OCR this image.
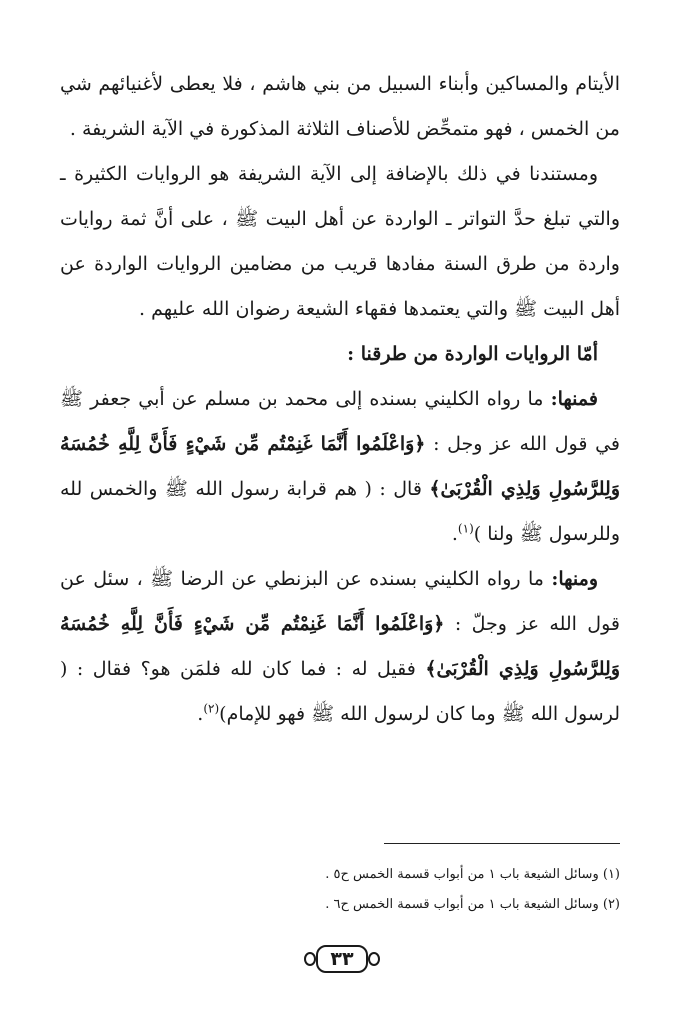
الأيتام والمساكين وأبناء السبيل من بني هاشم ، فلا يعطى لأغنيائهم شي من الخمس ، فهو متمحِّض للأصناف الثلاثة المذكورة في الآية الشريفة .

ومستندنا في ذلك بالإضافة إلى الآية الشريفة هو الروايات الكثيرة ـ والتي تبلغ حدَّ التواتر ـ الواردة عن أهل البيت ﷺ ، على أنَّ ثمة روايات واردة من طرق السنة مفادها قريب من مضامين الروايات الواردة عن أهل البيت ﷺ والتي يعتمدها فقهاء الشيعة رضوان الله عليهم .

أمّا الروايات الواردة من طرقنا :

فمنها: ما رواه الكليني بسنده إلى محمد بن مسلم عن أبي جعفر ﷺ في قول الله عز وجل : ﴿وَاعْلَمُوا أَنَّمَا غَنِمْتُم مِّن شَيْءٍ فَأَنَّ لِلَّهِ خُمُسَهُ وَلِلرَّسُولِ وَلِذِي الْقُرْبَىٰ﴾ قال : ( هم قرابة رسول الله ﷺ والخمس لله وللرسول ﷺ ولنا )$^{(١)}$.

ومنها: ما رواه الكليني بسنده عن البزنطي عن الرضا ﷺ ، سئل عن قول الله عز وجلّ : ﴿وَاعْلَمُوا أَنَّمَا غَنِمْتُم مِّن شَيْءٍ فَأَنَّ لِلَّهِ خُمُسَهُ وَلِلرَّسُولِ وَلِذِي الْقُرْبَىٰ﴾ فقيل له : فما كان لله فلمَن هو؟ فقال : ( لرسول الله ﷺ وما كان لرسول الله ﷺ فهو للإمام)$^{(٢)}$.

(١) وسائل الشيعة باب ١ من أبواب قسمة الخمس ح٥ .

(٢) وسائل الشيعة باب ١ من أبواب قسمة الخمس ح٦ .

٣٣
